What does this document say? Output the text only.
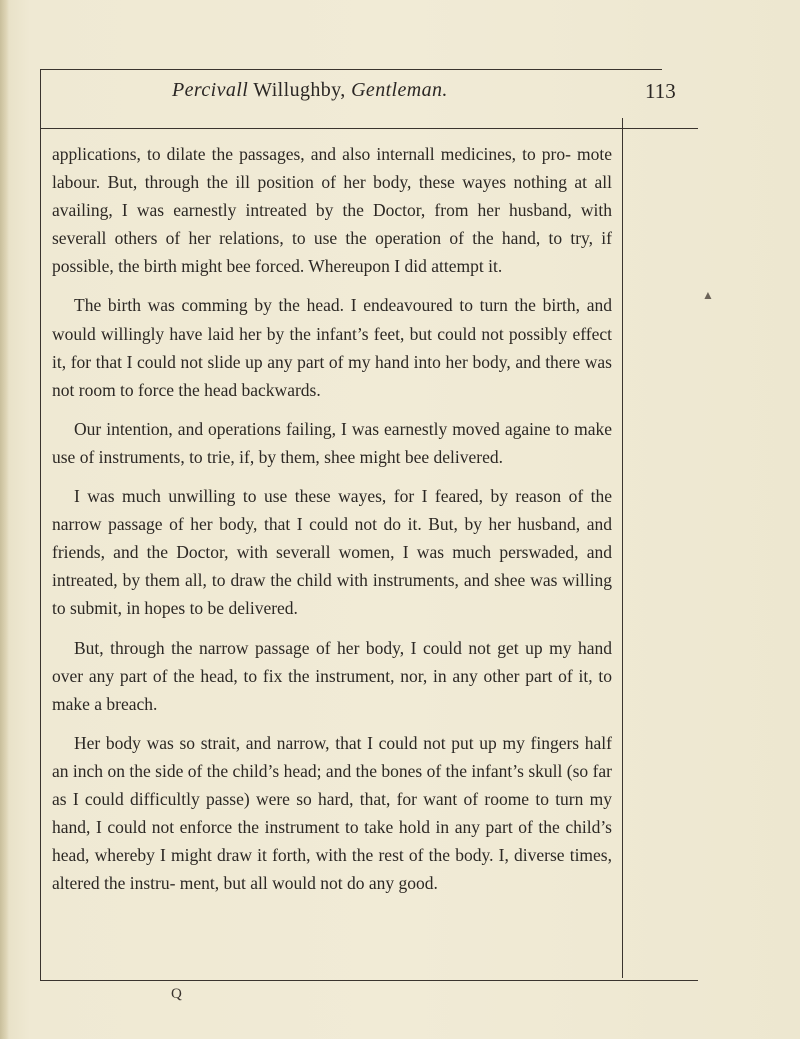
Percivall Willughby, Gentleman.	113

applications, to dilate the passages, and also internall medicines, to pro- mote labour. But, through the ill position of her body, these wayes nothing at all availing, I was earnestly intreated by the Doctor, from her husband, with severall others of her relations, to use the operation of the hand, to try, if possible, the birth might bee forced. Whereupon I did attempt it.

The birth was comming by the head. I endeavoured to turn the birth, and would willingly have laid her by the infant’s feet, but could not possibly effect it, for that I could not slide up any part of my hand into her body, and there was not room to force the head backwards.

Our intention, and operations failing, I was earnestly moved againe to make use of instruments, to trie, if, by them, shee might bee delivered.

I was much unwilling to use these wayes, for I feared, by reason of the narrow passage of her body, that I could not do it. But, by her husband, and friends, and the Doctor, with severall women, I was much perswaded, and intreated, by them all, to draw the child with instruments, and shee was willing to submit, in hopes to be delivered.

But, through the narrow passage of her body, I could not get up my hand over any part of the head, to fix the instrument, nor, in any other part of it, to make a breach.

Her body was so strait, and narrow, that I could not put up my fingers half an inch on the side of the child’s head; and the bones of the infant’s skull (so far as I could difficultly passe) were so hard, that, for want of roome to turn my hand, I could not enforce the instrument to take hold in any part of the child’s head, whereby I might draw it forth, with the rest of the body. I, diverse times, altered the instru- ment, but all would not do any good.

Q
▲
